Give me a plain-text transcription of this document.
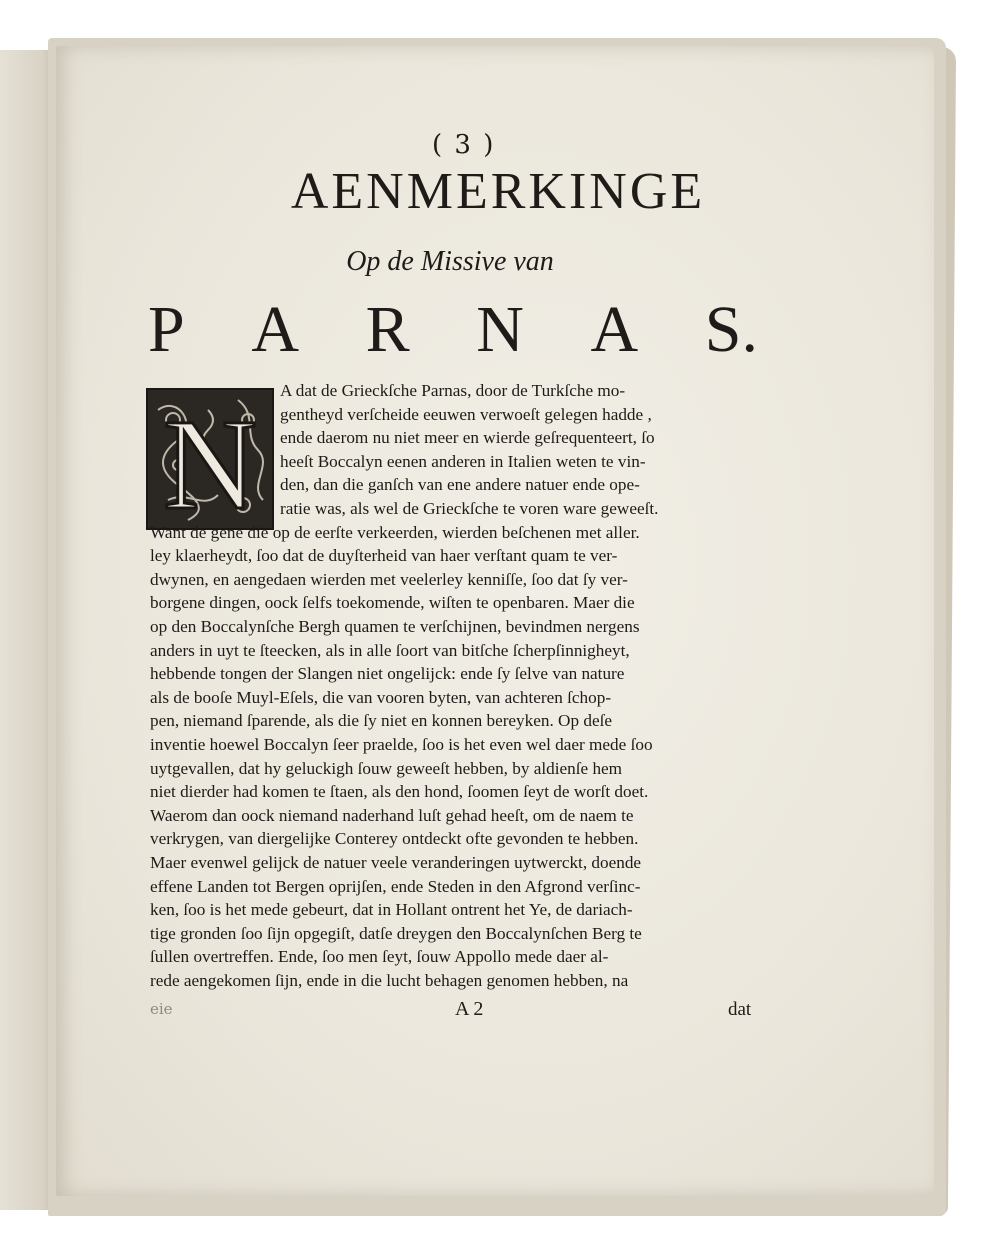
( 3 )
AENMERKINGE
Op de Missive van
P A R N A S.
N
A dat de Grieckſche Parnas, door de Turkſche mo-
gentheyd verſcheide eeuwen verwoeſt gelegen hadde ,
ende daerom nu niet meer en wierde geſrequenteert, ſo
heeſt Boccalyn eenen anderen in Italien weten te vin-
den, dan die ganſch van ene andere natuer ende ope-
ratie was, als wel de Grieckſche te voren ware geweeſt.
Want de gene die op de eerſte verkeerden, wierden beſchenen met aller.
ley klaerheydt, ſoo dat de duyſterheid van haer verſtant quam te ver-
dwynen, en aengedaen wierden met veelerley kenniſſe, ſoo dat ſy ver-
borgene dingen, oock ſelfs toekomende, wiſten te openbaren. Maer die
op den Boccalynſche Bergh quamen te verſchijnen, bevindmen nergens
anders in uyt te ſteecken, als in alle ſoort van bitſche ſcherpſinnigheyt,
hebbende tongen der Slangen niet ongelijck: ende ſy ſelve van nature
als de booſe Muyl-Eſels, die van vooren byten, van achteren ſchop-
pen, niemand ſparende, als die ſy niet en konnen bereyken. Op deſe
inventie hoewel Boccalyn ſeer praelde, ſoo is het even wel daer mede ſoo
uytgevallen, dat hy geluckigh ſouw geweeſt hebben, by aldienſe hem
niet dierder had komen te ſtaen, als den hond, ſoomen ſeyt de worſt doet.
Waerom dan oock niemand naderhand luſt gehad heeſt, om de naem te
verkrygen, van diergelijke Conterey ontdeckt ofte gevonden te hebben.
Maer evenwel gelijck de natuer veele veranderingen uytwerckt, doende
effene Landen tot Bergen oprijſen, ende Steden in den Afgrond verſinc-
ken, ſoo is het mede gebeurt, dat in Hollant ontrent het Ye, de dariach-
tige gronden ſoo ſijn opgegiſt, datſe dreygen den Boccalynſchen Berg te
ſullen overtreffen. Ende, ſoo men ſeyt, ſouw Appollo mede daer al-
eie	A 2	dat
rede aengekomen ſijn, ende in die lucht behagen genomen hebben, na
